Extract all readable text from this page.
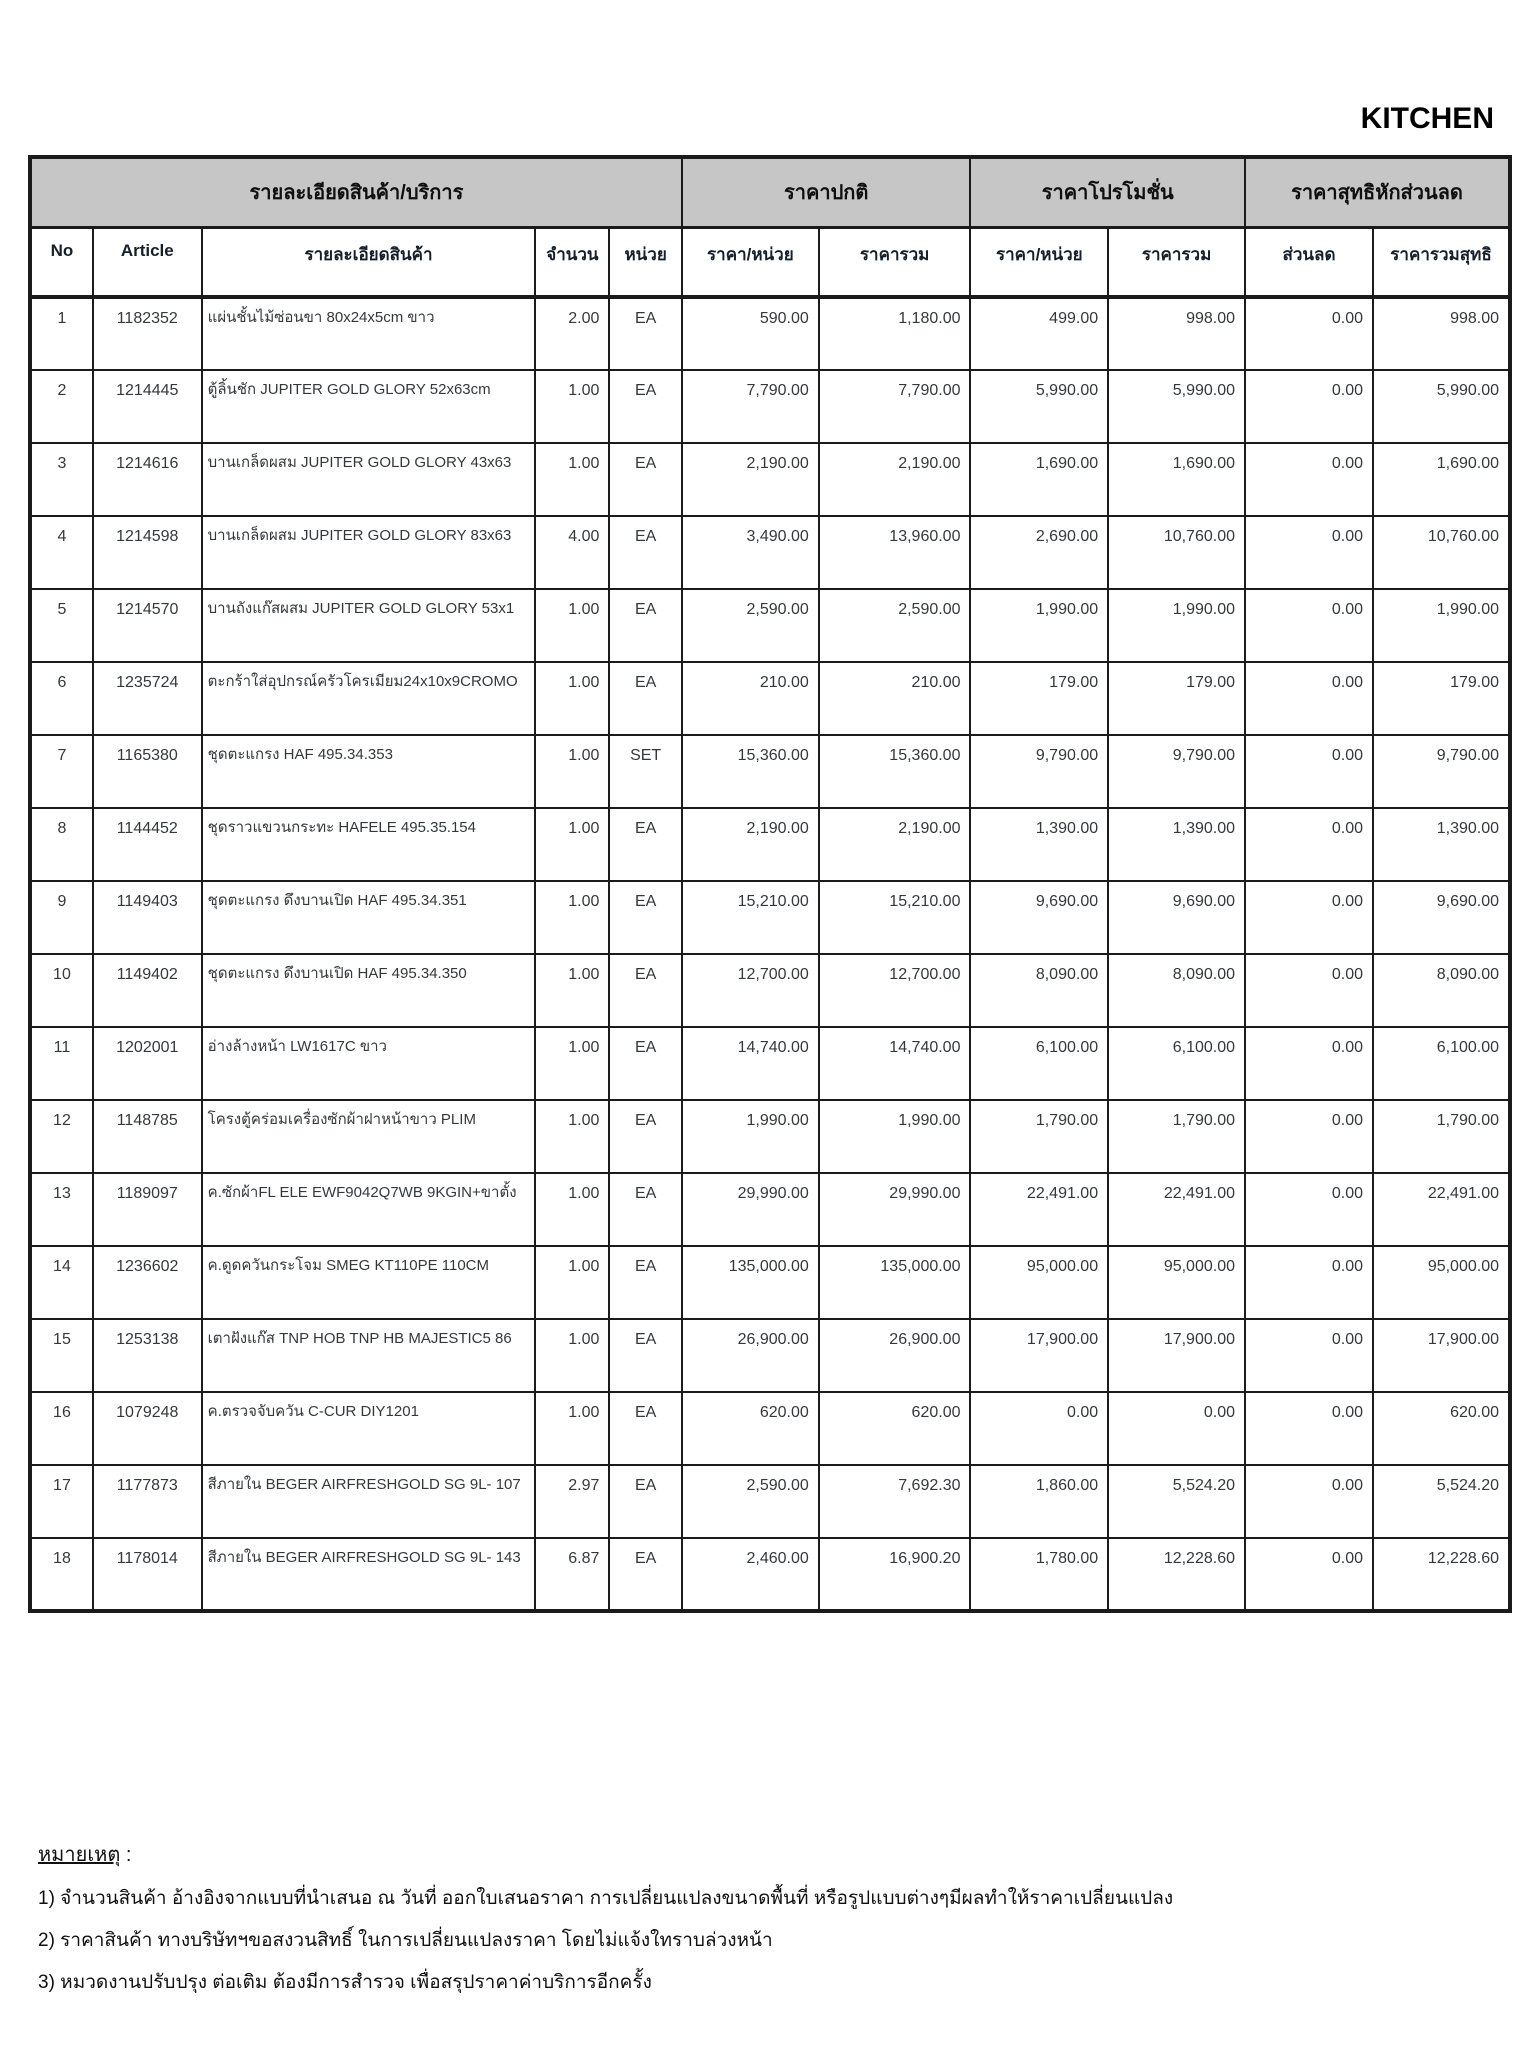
KITCHEN
รายละเอียดสินค้า/บริการ					ราคาปกติ		ราคาโปรโมชั่น		ราคาสุทธิหักส่วนลด	
No	Article	รายละเอียดสินค้า	จำนวน	หน่วย	ราคา/หน่วย	ราคารวม	ราคา/หน่วย	ราคารวม	ส่วนลด	ราคารวมสุทธิ
1	1182352	แผ่นชั้นไม้ซ่อนขา 80x24x5cm ขาว	2.00	EA	590.00	1,180.00	499.00	998.00	0.00	998.00
2	1214445	ตู้ลิ้นชัก JUPITER GOLD GLORY 52x63cm	1.00	EA	7,790.00	7,790.00	5,990.00	5,990.00	0.00	5,990.00
3	1214616	บานเกล็ดผสม JUPITER GOLD GLORY 43x63	1.00	EA	2,190.00	2,190.00	1,690.00	1,690.00	0.00	1,690.00
4	1214598	บานเกล็ดผสม JUPITER GOLD GLORY 83x63	4.00	EA	3,490.00	13,960.00	2,690.00	10,760.00	0.00	10,760.00
5	1214570	บานถังแก๊สผสม JUPITER GOLD GLORY 53x1	1.00	EA	2,590.00	2,590.00	1,990.00	1,990.00	0.00	1,990.00
6	1235724	ตะกร้าใส่อุปกรณ์ครัวโครเมียม24x10x9CROMO	1.00	EA	210.00	210.00	179.00	179.00	0.00	179.00
7	1165380	ชุดตะแกรง HAF 495.34.353	1.00	SET	15,360.00	15,360.00	9,790.00	9,790.00	0.00	9,790.00
8	1144452	ชุดราวแขวนกระทะ HAFELE 495.35.154	1.00	EA	2,190.00	2,190.00	1,390.00	1,390.00	0.00	1,390.00
9	1149403	ชุดตะแกรง ดึงบานเปิด HAF 495.34.351	1.00	EA	15,210.00	15,210.00	9,690.00	9,690.00	0.00	9,690.00
10	1149402	ชุดตะแกรง ดึงบานเปิด HAF 495.34.350	1.00	EA	12,700.00	12,700.00	8,090.00	8,090.00	0.00	8,090.00
11	1202001	อ่างล้างหน้า LW1617C ขาว	1.00	EA	14,740.00	14,740.00	6,100.00	6,100.00	0.00	6,100.00
12	1148785	โครงตู้คร่อมเครื่องซักผ้าฝาหน้าขาว PLIM	1.00	EA	1,990.00	1,990.00	1,790.00	1,790.00	0.00	1,790.00
13	1189097	ค.ซักผ้าFL ELE EWF9042Q7WB 9KGIN+ขาตั้ง	1.00	EA	29,990.00	29,990.00	22,491.00	22,491.00	0.00	22,491.00
14	1236602	ค.ดูดควันกระโจม SMEG KT110PE 110CM	1.00	EA	135,000.00	135,000.00	95,000.00	95,000.00	0.00	95,000.00
15	1253138	เตาฝังแก๊ส TNP HOB TNP HB MAJESTIC5 86	1.00	EA	26,900.00	26,900.00	17,900.00	17,900.00	0.00	17,900.00
16	1079248	ค.ตรวจจับควัน C-CUR DIY1201	1.00	EA	620.00	620.00	0.00	0.00	0.00	620.00
17	1177873	สีภายใน BEGER AIRFRESHGOLD SG 9L- 107	2.97	EA	2,590.00	7,692.30	1,860.00	5,524.20	0.00	5,524.20
18	1178014	สีภายใน BEGER AIRFRESHGOLD SG 9L- 143	6.87	EA	2,460.00	16,900.20	1,780.00	12,228.60	0.00	12,228.60
หมายเหตุ :
1) จำนวนสินค้า อ้างอิงจากแบบที่นำเสนอ ณ วันที่ ออกใบเสนอราคา การเปลี่ยนแปลงขนาดพื้นที่ หรือรูปแบบต่างๆมีผลทำให้ราคาเปลี่ยนแปลง
2) ราคาสินค้า ทางบริษัทฯขอสงวนสิทธิ์ ในการเปลี่ยนแปลงราคา โดยไม่แจ้งใทราบล่วงหน้า
3) หมวดงานปรับปรุง ต่อเติม ต้องมีการสำรวจ เพื่อสรุปราคาค่าบริการอีกครั้ง
